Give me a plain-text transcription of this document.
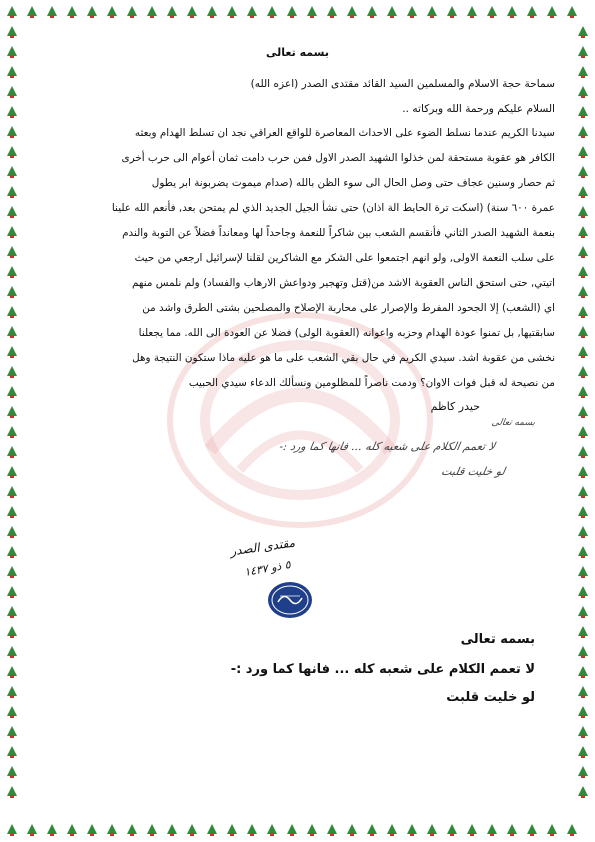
بسمه تعالى
سماحة حجة الاسلام والمسلمين السيد القائد مقتدى الصدر (اعزه الله)
السلام عليكم ورحمة الله وبركاته ..
سيدنا الكريم عندما نسلط الضوء على الاحداث المعاصرة للواقع العراقي نجد ان تسلط الهدام وبعثه
الكافر هو عقوبة مستحقة لمن خذلوا الشهيد الصدر الاول فمن حرب دامت ثمان أعوام الى حرب أخرى
ثم حصار وسنين عجاف حتى وصل الحال الى سوء الظن بالله (صدام ميموت يضربونة ابر يطول
عمرة ٦٠٠ سنة) (اسكت ترة الحايط الة اذان) حتى نشأ الجيل الجديد الذي لم يمتحن بعد, فأنعم الله علينا
بنعمة الشهيد الصدر الثاني فأنقسم الشعب بين شاكراً للنعمة وجاحداً لها ومعانداً فضلاً عن التوبة والندم
على سلب النعمة الاولى, ولو انهم اجتمعوا على الشكر مع الشاكرين لقلنا لإسرائيل ارجعي من حيث
اتيتي, حتى استحق الناس العقوبة الاشد من(قتل وتهجير ودواعش الارهاب والفساد) ولم نلمس منهم
اي (الشعب) إلا الجحود المفرط والإصرار على محاربة الإصلاح والمصلحين بشتى الطرق واشد من
سابقتيها, بل تمنوا عودة الهدام وحزبه واعوانه (العقوبة الولى) فضلا عن العودة الى الله. مما يجعلنا
نخشى من عقوبة اشد. سيدي الكريم في حال بقي الشعب على ما هو عليه ماذا ستكون النتيجة وهل
من نصيحة له قبل فوات الاوان؟ ودمت ناصراً للمظلومين ونسألك الدعاء سيدي الحبيب
حيدر كاظم
بسمه تعالى
لا تعمم الكلام على شعبه كله ... فانها كما ورد :-
لو خليت قلبت
مقتدى الصدر
٥ ذو ١٤٣٧
بسمه تعالى
لا تعمم الكلام على شعبه كله ... فانها كما ورد :-
لو خليت قلبت
